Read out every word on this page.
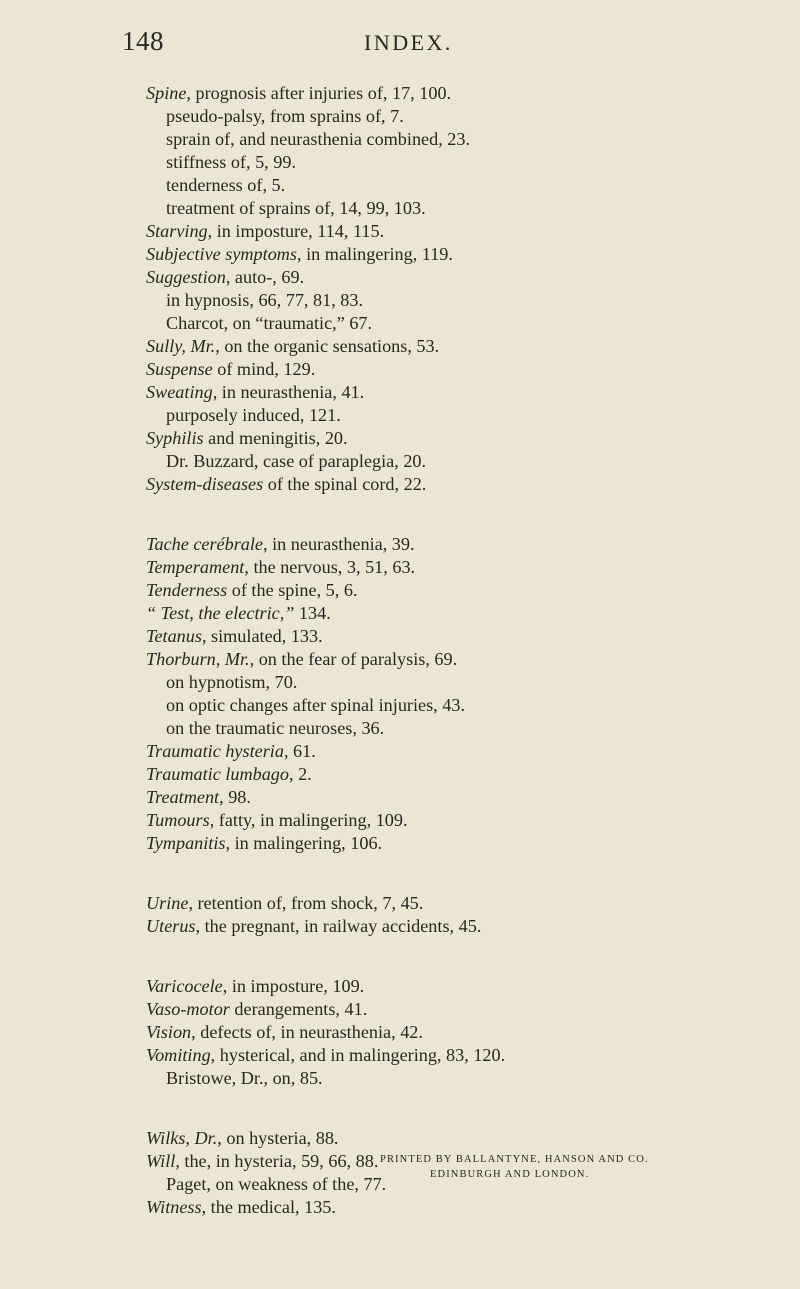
148	INDEX.
Spine, prognosis after injuries of, 17, 100.
pseudo-palsy, from sprains of, 7.
sprain of, and neurasthenia combined, 23.
stiffness of, 5, 99.
tenderness of, 5.
treatment of sprains of, 14, 99, 103.
Starving, in imposture, 114, 115.
Subjective symptoms, in malingering, 119.
Suggestion, auto-, 69.
in hypnosis, 66, 77, 81, 83.
Charcot, on “traumatic,” 67.
Sully, Mr., on the organic sensations, 53.
Suspense of mind, 129.
Sweating, in neurasthenia, 41.
purposely induced, 121.
Syphilis and meningitis, 20.
Dr. Buzzard, case of paraplegia, 20.
System-diseases of the spinal cord, 22.
Tache cerébrale, in neurasthenia, 39.
Temperament, the nervous, 3, 51, 63.
Tenderness of the spine, 5, 6.
“ Test, the electric,” 134.
Tetanus, simulated, 133.
Thorburn, Mr., on the fear of paralysis, 69.
on hypnotism, 70.
on optic changes after spinal injuries, 43.
on the traumatic neuroses, 36.
Traumatic hysteria, 61.
Traumatic lumbago, 2.
Treatment, 98.
Tumours, fatty, in malingering, 109.
Tympanitis, in malingering, 106.
Urine, retention of, from shock, 7, 45.
Uterus, the pregnant, in railway accidents, 45.
Varicocele, in imposture, 109.
Vaso-motor derangements, 41.
Vision, defects of, in neurasthenia, 42.
Vomiting, hysterical, and in malingering, 83, 120.
Bristowe, Dr., on, 85.
Wilks, Dr., on hysteria, 88.
Will, the, in hysteria, 59, 66, 88.
Paget, on weakness of the, 77.
Witness, the medical, 135.
PRINTED BY BALLANTYNE, HANSON AND CO.
EDINBURGH AND LONDON.
